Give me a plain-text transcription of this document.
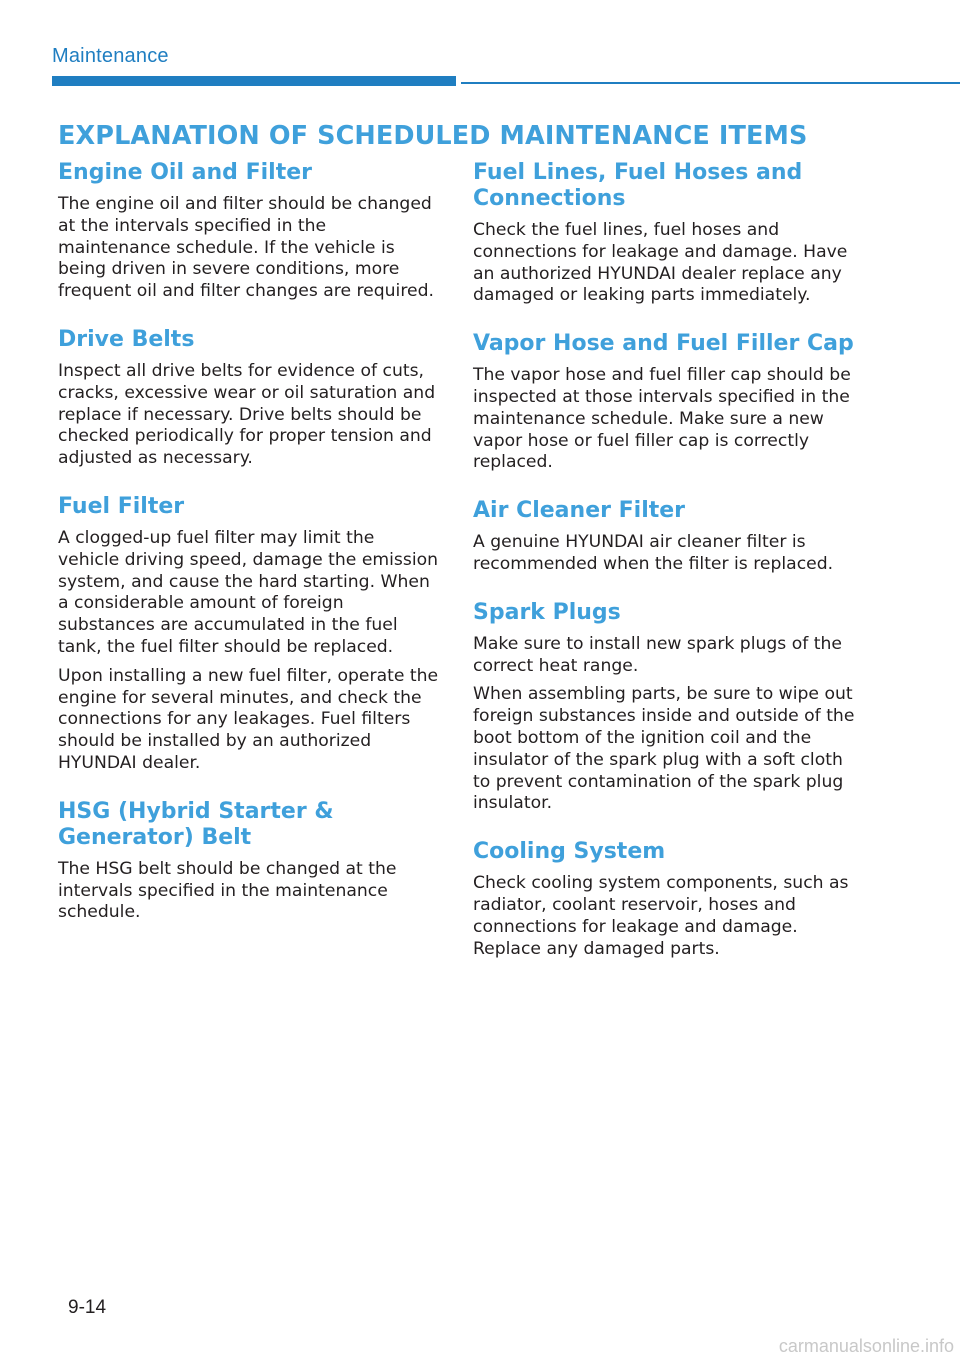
Maintenance
EXPLANATION OF SCHEDULED MAINTENANCE ITEMS
Engine Oil and Filter

The engine oil and filter should be changed at the intervals specified in the maintenance schedule. If the vehicle is being driven in severe conditions, more frequent oil and filter changes are required.

Drive Belts

Inspect all drive belts for evidence of cuts, cracks, excessive wear or oil saturation and replace if necessary. Drive belts should be checked periodically for proper tension and adjusted as necessary.

Fuel Filter

A clogged-up fuel filter may limit the vehicle driving speed, damage the emission system, and cause the hard starting. When a considerable amount of foreign substances are accumulated in the fuel tank, the fuel filter should be replaced.

Upon installing a new fuel filter, operate the engine for several minutes, and check the connections for any leakages. Fuel filters should be installed by an authorized HYUNDAI dealer.

HSG (Hybrid Starter & Generator) Belt

The HSG belt should be changed at the intervals specified in the maintenance schedule.

Fuel Lines, Fuel Hoses and Connections

Check the fuel lines, fuel hoses and connections for leakage and damage. Have an authorized HYUNDAI dealer replace any damaged or leaking parts immediately.

Vapor Hose and Fuel Filler Cap

The vapor hose and fuel filler cap should be inspected at those intervals specified in the maintenance schedule. Make sure a new vapor hose or fuel filler cap is correctly replaced.

Air Cleaner Filter

A genuine HYUNDAI air cleaner filter is recommended when the filter is replaced.

Spark Plugs

Make sure to install new spark plugs of the correct heat range.

When assembling parts, be sure to wipe out foreign substances inside and outside of the boot bottom of the ignition coil and the insulator of the spark plug with a soft cloth to prevent contamination of the spark plug insulator.

Cooling System

Check cooling system components, such as radiator, coolant reservoir, hoses and connections for leakage and damage. Replace any damaged parts.

9-14
carmanualsonline.info
